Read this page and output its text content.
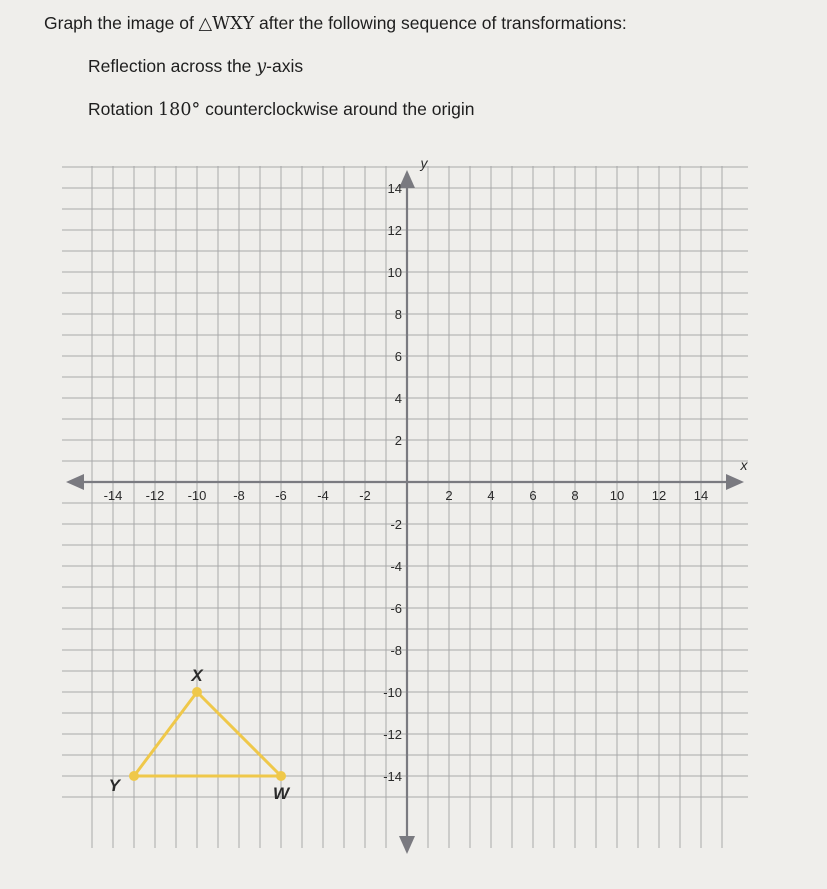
x
y
-14 -12 -10 -8 -6 -4 -2	2	4	6	8 10 12 14
14
12
10
8
6
4
2
-2
-4
-6
-8
-10
-12
-14
W
X
Y

Graph the image of △WXY after the following sequence of transformations:

Reflection across the y-axis

Rotation 180° counterclockwise around the origin
